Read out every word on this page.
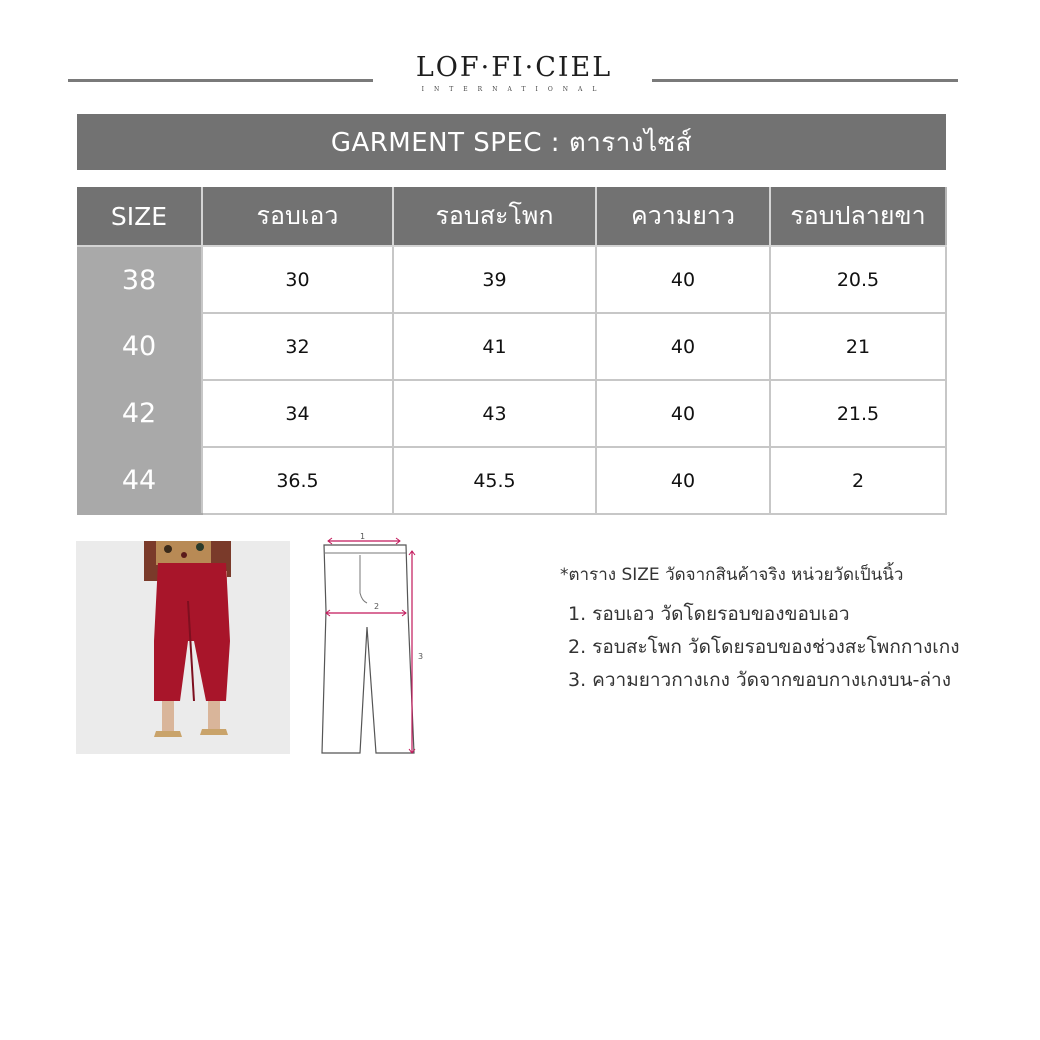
LOF·FI·CIEL
INTERNATIONAL
GARMENT SPEC : ตารางไซส์
SIZE	รอบเอว	รอบสะโพก	ความยาว	รอบปลายขา
38	30	39	40	20.5
40	32	41	40	21
42	34	43	40	21.5
44	36.5	45.5	40	2
1
2
3
*ตาราง SIZE วัดจากสินค้าจริง หน่วยวัดเป็นนิ้ว
1. รอบเอว วัดโดยรอบของขอบเอว
2. รอบสะโพก วัดโดยรอบของช่วงสะโพกกางเกง
3. ความยาวกางเกง วัดจากขอบกางเกงบน-ล่าง
